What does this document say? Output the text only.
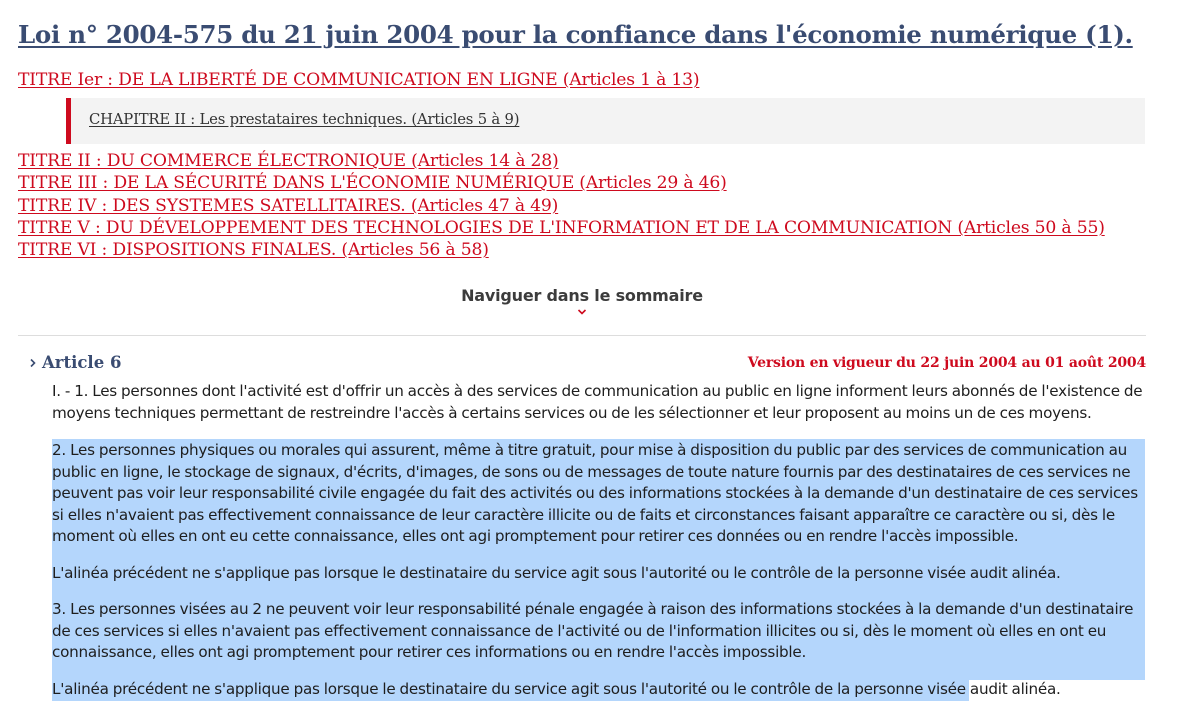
Loi n° 2004-575 du 21 juin 2004 pour la confiance dans l'économie numérique (1).
TITRE Ier : DE LA LIBERTÉ DE COMMUNICATION EN LIGNE (Articles 1 à 13)
CHAPITRE II : Les prestataires techniques. (Articles 5 à 9)
TITRE II : DU COMMERCE ÉLECTRONIQUE (Articles 14 à 28)
TITRE III : DE LA SÉCURITÉ DANS L'ÉCONOMIE NUMÉRIQUE (Articles 29 à 46)
TITRE IV : DES SYSTEMES SATELLITAIRES. (Articles 47 à 49)
TITRE V : DU DÉVELOPPEMENT DES TECHNOLOGIES DE L'INFORMATION ET DE LA COMMUNICATION (Articles 50 à 55)
TITRE VI : DISPOSITIONS FINALES. (Articles 56 à 58)
Naviguer dans le sommaire
Article 6	Version en vigueur du 22 juin 2004 au 01 août 2004
I. - 1. Les personnes dont l'activité est d'offrir un accès à des services de communication au public en ligne informent leurs abonnés de l'existence de moyens techniques permettant de restreindre l'accès à certains services ou de les sélectionner et leur proposent au moins un de ces moyens.
2. Les personnes physiques ou morales qui assurent, même à titre gratuit, pour mise à disposition du public par des services de communication au public en ligne, le stockage de signaux, d'écrits, d'images, de sons ou de messages de toute nature fournis par des destinataires de ces services ne peuvent pas voir leur responsabilité civile engagée du fait des activités ou des informations stockées à la demande d'un destinataire de ces services si elles n'avaient pas effectivement connaissance de leur caractère illicite ou de faits et circonstances faisant apparaître ce caractère ou si, dès le moment où elles en ont eu cette connaissance, elles ont agi promptement pour retirer ces données ou en rendre l'accès impossible.
L'alinéa précédent ne s'applique pas lorsque le destinataire du service agit sous l'autorité ou le contrôle de la personne visée audit alinéa.
3. Les personnes visées au 2 ne peuvent voir leur responsabilité pénale engagée à raison des informations stockées à la demande d'un destinataire de ces services si elles n'avaient pas effectivement connaissance de l'activité ou de l'information illicites ou si, dès le moment où elles en ont eu connaissance, elles ont agi promptement pour retirer ces informations ou en rendre l'accès impossible.
L'alinéa précédent ne s'applique pas lorsque le destinataire du service agit sous l'autorité ou le contrôle de la personne visée audit alinéa.
